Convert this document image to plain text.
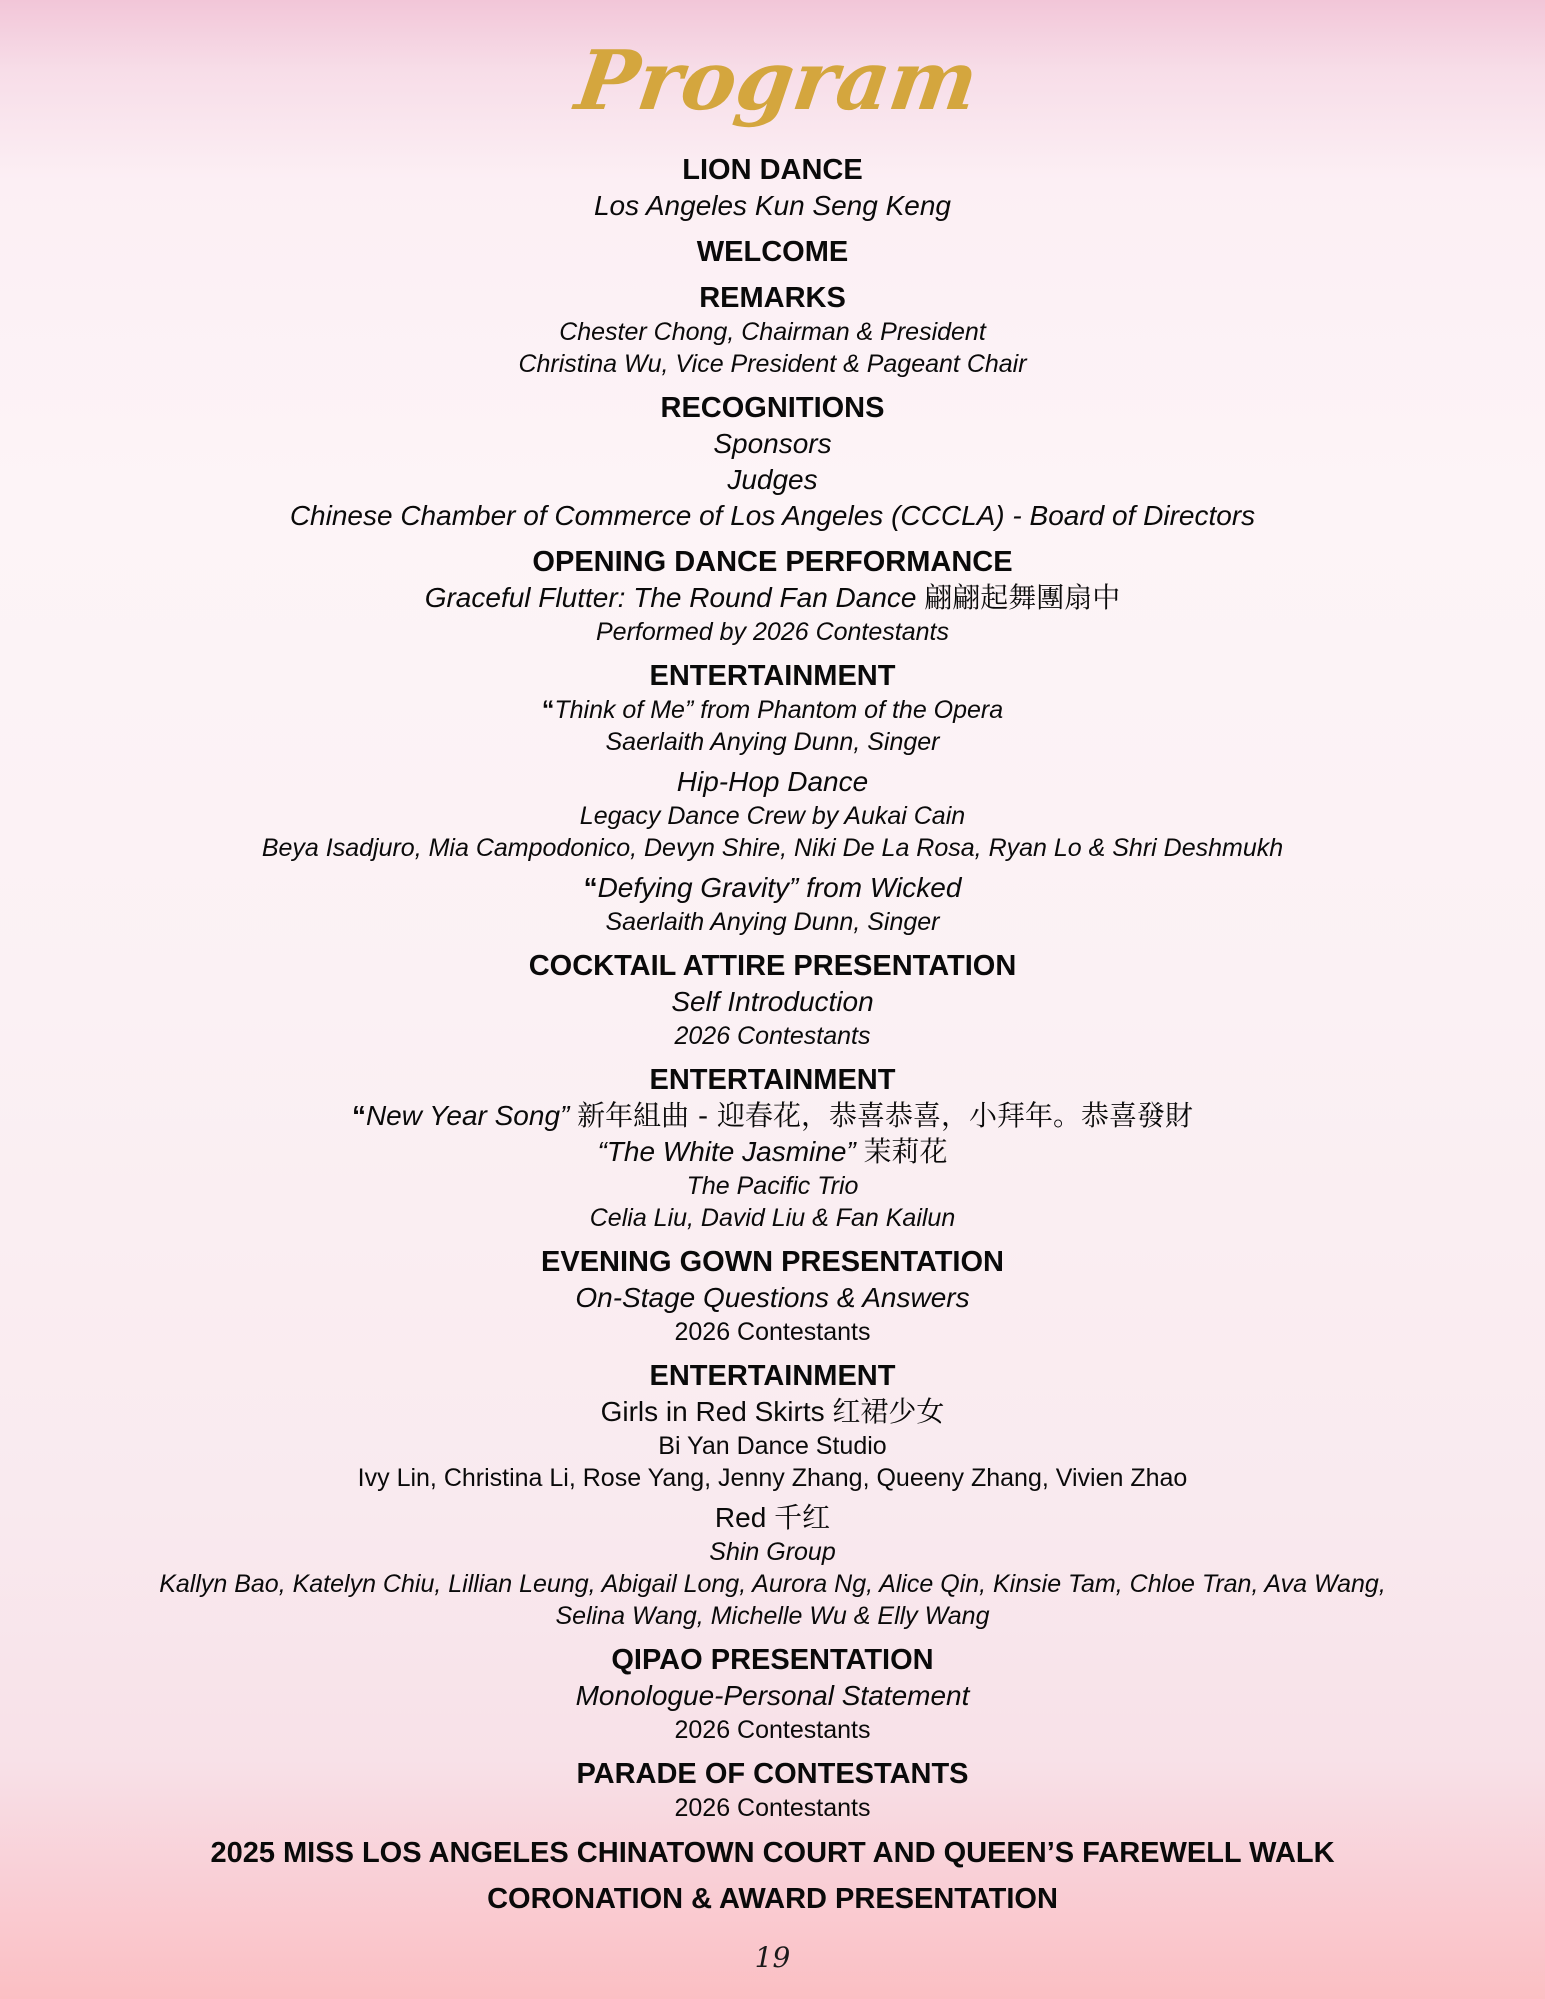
Program

LION DANCE

Los Angeles Kun Seng Keng

WELCOME

REMARKS

Chester Chong, Chairman & President

Christina Wu, Vice President & Pageant Chair

RECOGNITIONS

Sponsors

Judges

Chinese Chamber of Commerce of Los Angeles (CCCLA) - Board of Directors

OPENING DANCE PERFORMANCE

Graceful Flutter: The Round Fan Dance 翩翩起舞團扇中

Performed by 2026 Contestants

ENTERTAINMENT

“Think of Me” from Phantom of the Opera

Saerlaith Anying Dunn, Singer

Hip-Hop Dance

Legacy Dance Crew by Aukai Cain

Beya Isadjuro, Mia Campodonico, Devyn Shire, Niki De La Rosa, Ryan Lo & Shri Deshmukh

“Defying Gravity” from Wicked

Saerlaith Anying Dunn, Singer

COCKTAIL ATTIRE PRESENTATION

Self Introduction

2026 Contestants

ENTERTAINMENT

“New Year Song” 新年組曲 - 迎春花，恭喜恭喜，小拜年。恭喜發財

“The White Jasmine” 茉莉花

The Pacific Trio

Celia Liu, David Liu & Fan Kailun

EVENING GOWN PRESENTATION

On-Stage Questions & Answers

2026 Contestants

ENTERTAINMENT

Girls in Red Skirts 红裙少女

Bi Yan Dance Studio

Ivy Lin, Christina Li, Rose Yang, Jenny Zhang, Queeny Zhang, Vivien Zhao

Red 千红

Shin Group

Kallyn Bao, Katelyn Chiu, Lillian Leung, Abigail Long, Aurora Ng, Alice Qin, Kinsie Tam, Chloe Tran, Ava Wang,

Selina Wang, Michelle Wu & Elly Wang

QIPAO PRESENTATION

Monologue-Personal Statement

2026 Contestants

PARADE OF CONTESTANTS

2026 Contestants

2025 MISS LOS ANGELES CHINATOWN COURT AND QUEEN’S FAREWELL WALK

CORONATION & AWARD PRESENTATION

19
